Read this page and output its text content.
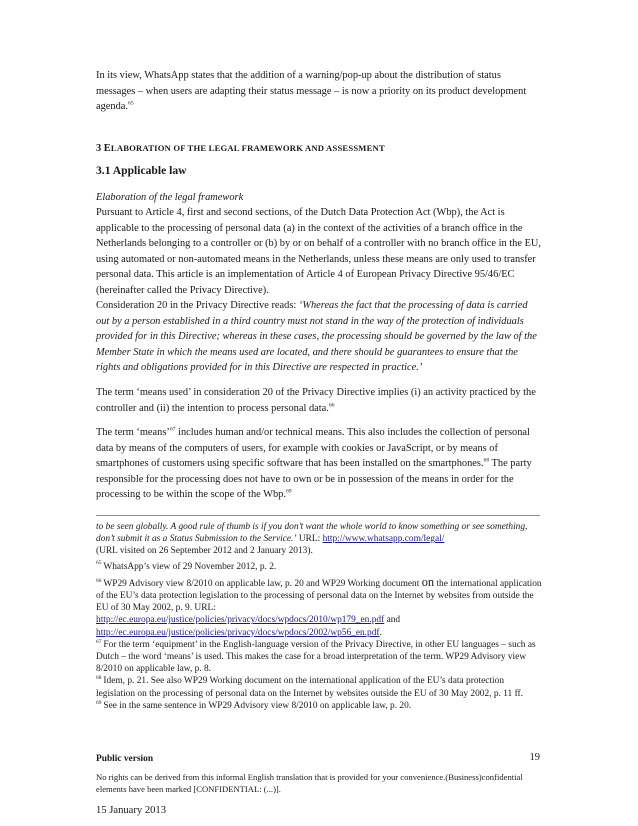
In its view, WhatsApp states that the addition of a warning/pop-up about the distribution of status messages – when users are adapting their status message – is now a priority on its product development agenda.$^{65}$

3 ELABORATION OF THE LEGAL FRAMEWORK AND ASSESSMENT

3.1 Applicable law

Elaboration of the legal framework

Pursuant to Article 4, first and second sections, of the Dutch Data Protection Act (Wbp), the Act is applicable to the processing of personal data (a) in the context of the activities of a branch office in the Netherlands belonging to a controller or (b) by or on behalf of a controller with no branch office in the EU, using automated or non-automated means in the Netherlands, unless these means are only used to transfer personal data. This article is an implementation of Article 4 of European Privacy Directive 95/46/EC (hereinafter called the Privacy Directive).

Consideration 20 in the Privacy Directive reads: ‘Whereas the fact that the processing of data is carried out by a person established in a third country must not stand in the way of the protection of individuals provided for in this Directive; whereas in these cases, the processing should be governed by the law of the Member State in which the means used are located, and there should be guarantees to ensure that the rights and obligations provided for in this Directive are respected in practice.’

The term ‘means used’ in consideration 20 of the Privacy Directive implies (i) an activity practiced by the controller and (ii) the intention to process personal data.$^{66}$

The term ‘means’$^{67}$ includes human and/or technical means. This also includes the collection of personal data by means of the computers of users, for example with cookies or JavaScript, or by means of smartphones of customers using specific software that has been installed on the smartphones.$^{68}$ The party responsible for the processing does not have to own or be in possession of the means in order for the processing to be within the scope of the Wbp.$^{69}$

to be seen globally. A good rule of thumb is if you don’t want the whole world to know something or see something, don’t submit it as a Status Submission to the Service.’ URL: http://www.whatsapp.com/legal/
(URL visited on 26 September 2012 and 2 January 2013).

$^{65}$ WhatsApp’s view of 29 November 2012, p. 2.

$^{66}$ WP29 Advisory view 8/2010 on applicable law, p. 20 and WP29 Working document on the international application of the EU’s data protection legislation to the processing of personal data on the Internet by websites from outside the EU of 30 May 2002, p. 9. URL:
http://ec.europa.eu/justice/policies/privacy/docs/wpdocs/2010/wp179_en.pdf and
http://ec.europa.eu/justice/policies/privacy/docs/wpdocs/2002/wp56_en.pdf.

$^{67}$ For the term ‘equipment’ in the English-language version of the Privacy Directive, in other EU languages – such as Dutch – the word ‘means’ is used. This makes the case for a broad interpretation of the term. WP29 Advisory view 8/2010 on applicable law, p. 8.

$^{68}$ Idem, p. 21. See also WP29 Working document on the international application of the EU’s data protection legislation on the processing of personal data on the Internet by websites outside the EU of 30 May 2002, p. 11 ff.

$^{69}$ See in the same sentence in WP29 Advisory view 8/2010 on applicable law, p. 20.

Public version	19

No rights can be derived from this informal English translation that is provided for your convenience.(Business)confidential elements have been marked [CONFIDENTIAL: (...)].

15 January 2013
